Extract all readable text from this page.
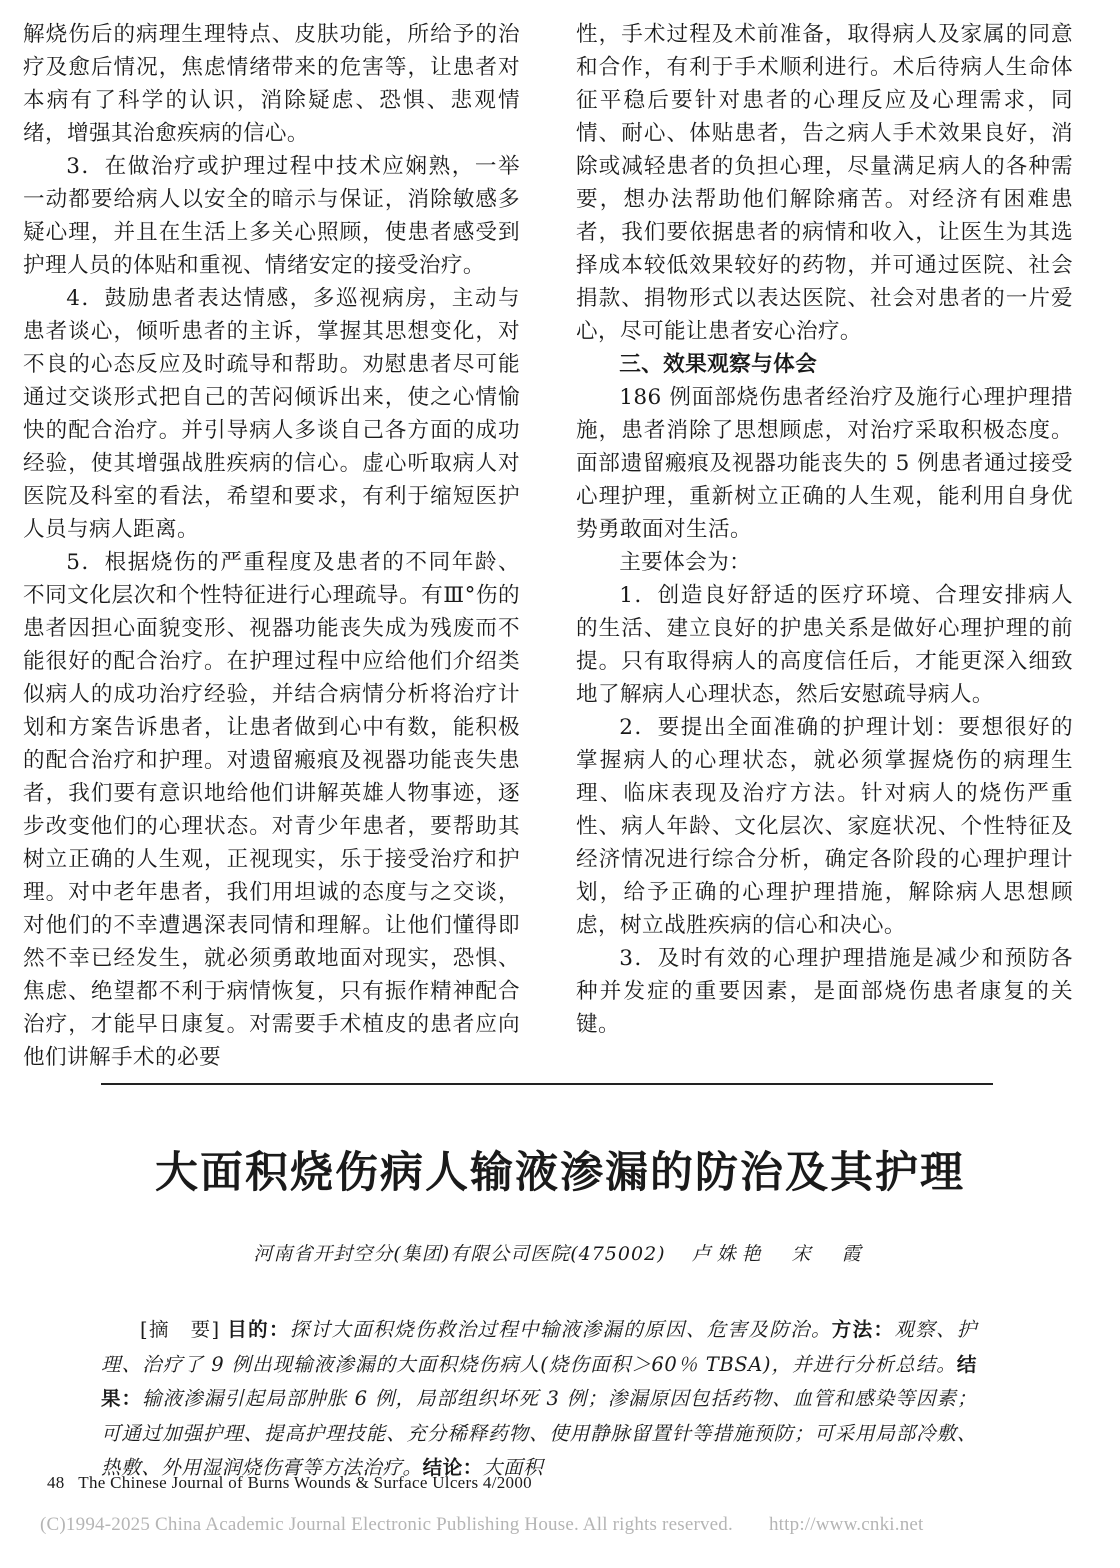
解烧伤后的病理生理特点、皮肤功能，所给予的治疗及愈后情况，焦虑情绪带来的危害等，让患者对本病有了科学的认识，消除疑虑、恐惧、悲观情绪，增强其治愈疾病的信心。

3．在做治疗或护理过程中技术应娴熟，一举一动都要给病人以安全的暗示与保证，消除敏感多疑心理，并且在生活上多关心照顾，使患者感受到护理人员的体贴和重视、情绪安定的接受治疗。

4．鼓励患者表达情感，多巡视病房，主动与患者谈心，倾听患者的主诉，掌握其思想变化，对不良的心态反应及时疏导和帮助。劝慰患者尽可能通过交谈形式把自己的苦闷倾诉出来，使之心情愉快的配合治疗。并引导病人多谈自己各方面的成功经验，使其增强战胜疾病的信心。虚心听取病人对医院及科室的看法，希望和要求，有利于缩短医护人员与病人距离。

5．根据烧伤的严重程度及患者的不同年龄、不同文化层次和个性特征进行心理疏导。有Ⅲ°伤的患者因担心面貌变形、视器功能丧失成为残废而不能很好的配合治疗。在护理过程中应给他们介绍类似病人的成功治疗经验，并结合病情分析将治疗计划和方案告诉患者，让患者做到心中有数，能积极的配合治疗和护理。对遗留瘢痕及视器功能丧失患者，我们要有意识地给他们讲解英雄人物事迹，逐步改变他们的心理状态。对青少年患者，要帮助其树立正确的人生观，正视现实，乐于接受治疗和护理。对中老年患者，我们用坦诚的态度与之交谈，对他们的不幸遭遇深表同情和理解。让他们懂得即然不幸已经发生，就必须勇敢地面对现实，恐惧、焦虑、绝望都不利于病情恢复，只有振作精神配合治疗，才能早日康复。对需要手术植皮的患者应向他们讲解手术的必要

性，手术过程及术前准备，取得病人及家属的同意和合作，有利于手术顺利进行。术后待病人生命体征平稳后要针对患者的心理反应及心理需求，同情、耐心、体贴患者，告之病人手术效果良好，消除或减轻患者的负担心理，尽量满足病人的各种需要，想办法帮助他们解除痛苦。对经济有困难患者，我们要依据患者的病情和收入，让医生为其选择成本较低效果较好的药物，并可通过医院、社会捐款、捐物形式以表达医院、社会对患者的一片爱心，尽可能让患者安心治疗。

三、效果观察与体会

186 例面部烧伤患者经治疗及施行心理护理措施，患者消除了思想顾虑，对治疗采取积极态度。面部遗留瘢痕及视器功能丧失的 5 例患者通过接受心理护理，重新树立正确的人生观，能利用自身优势勇敢面对生活。

主要体会为：

1．创造良好舒适的医疗环境、合理安排病人的生活、建立良好的护患关系是做好心理护理的前提。只有取得病人的高度信任后，才能更深入细致地了解病人心理状态，然后安慰疏导病人。

2．要提出全面准确的护理计划：要想很好的掌握病人的心理状态，就必须掌握烧伤的病理生理、临床表现及治疗方法。针对病人的烧伤严重性、病人年龄、文化层次、家庭状况、个性特征及经济情况进行综合分析，确定各阶段的心理护理计划，给予正确的心理护理措施，解除病人思想顾虑，树立战胜疾病的信心和决心。

3．及时有效的心理护理措施是减少和预防各种并发症的重要因素，是面部烧伤患者康复的关键。

大面积烧伤病人输液渗漏的防治及其护理
河南省开封空分(集团)有限公司医院(475002) 卢姝艳　宋　霞

[摘　要] 目的：探讨大面积烧伤救治过程中输液渗漏的原因、危害及防治。方法：观察、护理、治疗了 9 例出现输液渗漏的大面积烧伤病人(烧伤面积＞60％ TBSA)，并进行分析总结。结果：输液渗漏引起局部肿胀 6 例，局部组织坏死 3 例；渗漏原因包括药物、血管和感染等因素；可通过加强护理、提高护理技能、充分稀释药物、使用静脉留置针等措施预防；可采用局部冷敷、热敷、外用湿润烧伤膏等方法治疗。结论：大面积

48 The Chinese Journal of Burns Wounds & Surface Ulcers 4/2000
(C)1994-2025 China Academic Journal Electronic Publishing House. All rights reserved. http://www.cnki.net
